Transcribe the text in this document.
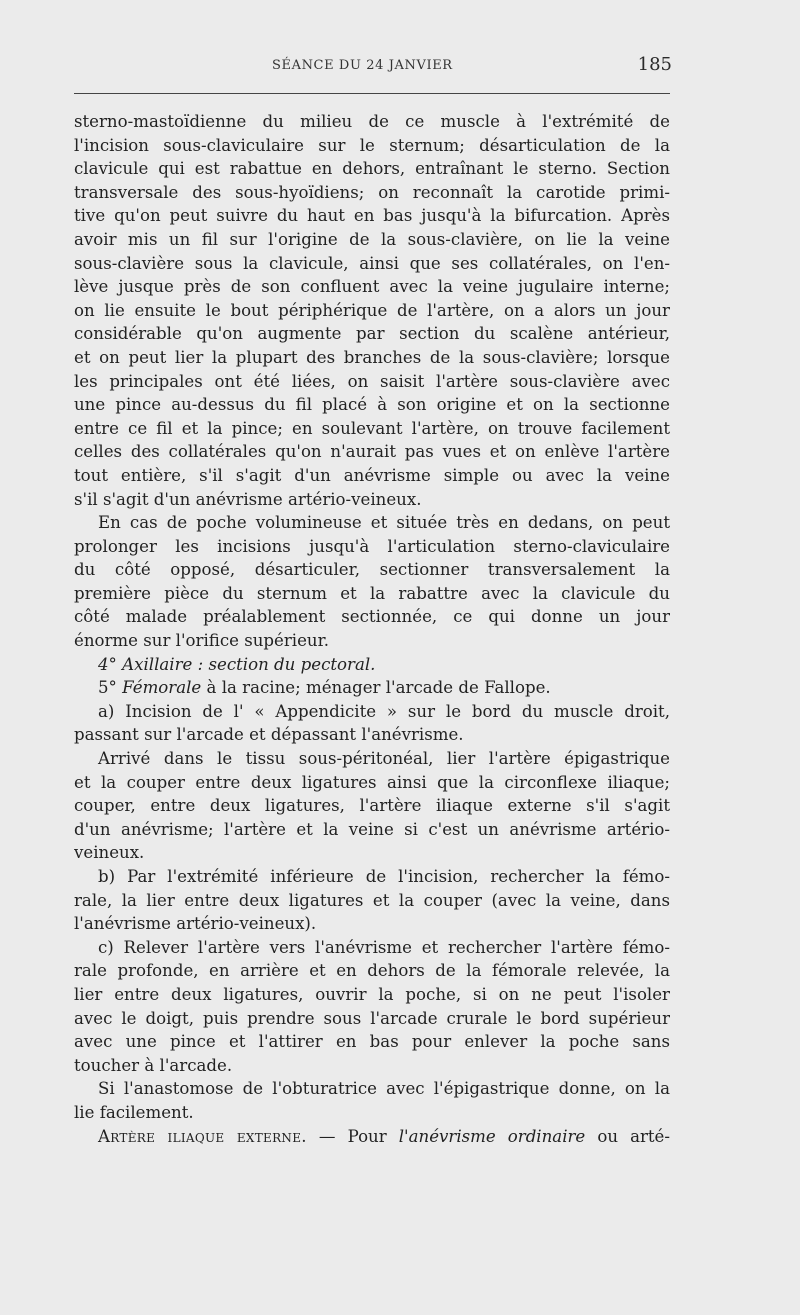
SÉANCE DU 24 JANVIER	185
sterno-mastoïdienne du milieu de ce muscle à l'extrémité de
l'incision sous-claviculaire sur le sternum; désarticulation de la
clavicule qui est rabattue en dehors, entraînant le sterno. Section
transversale des sous-hyoïdiens; on reconnaît la carotide primi-
tive qu'on peut suivre du haut en bas jusqu'à la bifurcation. Après
avoir mis un fil sur l'origine de la sous-clavière, on lie la veine
sous-clavière sous la clavicule, ainsi que ses collatérales, on l'en-
lève jusque près de son confluent avec la veine jugulaire interne;
on lie ensuite le bout périphérique de l'artère, on a alors un jour
considérable qu'on augmente par section du scalène antérieur,
et on peut lier la plupart des branches de la sous-clavière; lorsque
les principales ont été liées, on saisit l'artère sous-clavière avec
une pince au-dessus du fil placé à son origine et on la sectionne
entre ce fil et la pince; en soulevant l'artère, on trouve facilement
celles des collatérales qu'on n'aurait pas vues et on enlève l'artère
tout entière, s'il s'agit d'un anévrisme simple ou avec la veine
s'il s'agit d'un anévrisme artério-veineux.
En cas de poche volumineuse et située très en dedans, on peut
prolonger les incisions jusqu'à l'articulation sterno-claviculaire
du côté opposé, désarticuler, sectionner transversalement la
première pièce du sternum et la rabattre avec la clavicule du
côté malade préalablement sectionnée, ce qui donne un jour
énorme sur l'orifice supérieur.
4° Axillaire : section du pectoral.
5° Fémorale à la racine; ménager l'arcade de Fallope.
a) Incision de l' « Appendicite » sur le bord du muscle droit,
passant sur l'arcade et dépassant l'anévrisme.
Arrivé dans le tissu sous-péritonéal, lier l'artère épigastrique
et la couper entre deux ligatures ainsi que la circonflexe iliaque;
couper, entre deux ligatures, l'artère iliaque externe s'il s'agit
d'un anévrisme; l'artère et la veine si c'est un anévrisme artério-
veineux.
b) Par l'extrémité inférieure de l'incision, rechercher la fémo-
rale, la lier entre deux ligatures et la couper (avec la veine, dans
l'anévrisme artério-veineux).
c) Relever l'artère vers l'anévrisme et rechercher l'artère fémo-
rale profonde, en arrière et en dehors de la fémorale relevée, la
lier entre deux ligatures, ouvrir la poche, si on ne peut l'isoler
avec le doigt, puis prendre sous l'arcade crurale le bord supérieur
avec une pince et l'attirer en bas pour enlever la poche sans
toucher à l'arcade.
Si l'anastomose de l'obturatrice avec l'épigastrique donne, on la
lie facilement.
Artère iliaque externe. — Pour l'anévrisme ordinaire ou arté-
